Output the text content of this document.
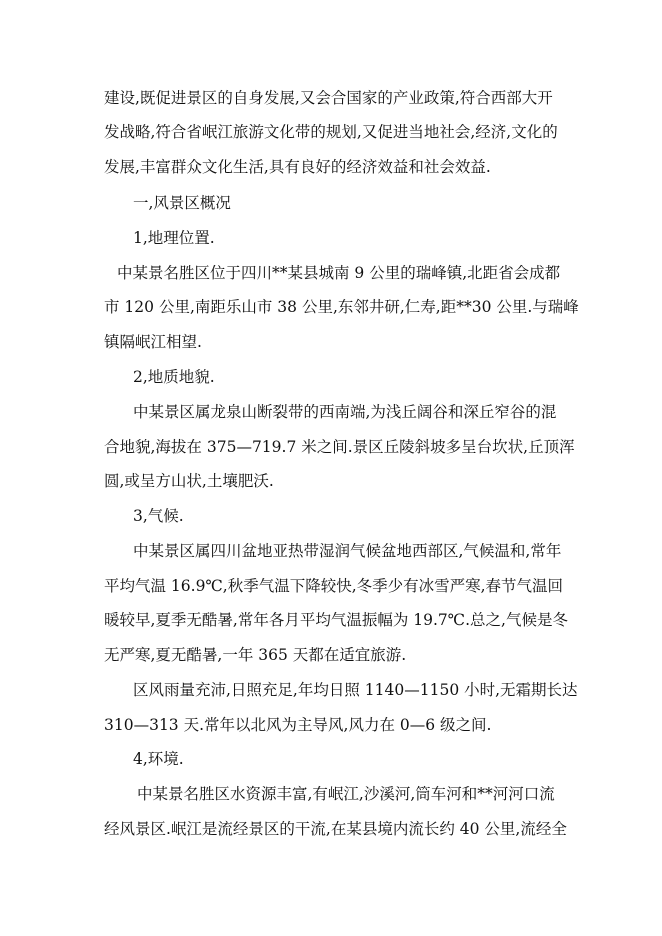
建设,既促进景区的自身发展,又会合国家的产业政策,符合西部大开

发战略,符合省岷江旅游文化带的规划,又促进当地社会,经济,文化的

发展,丰富群众文化生活,具有良好的经济效益和社会效益.

一,风景区概况

1,地理位置.

中某景名胜区位于四川**某县城南 9 公里的瑞峰镇,北距省会成都

市 120 公里,南距乐山市 38 公里,东邻井研,仁寿,距**30 公里.与瑞峰

镇隔岷江相望.

2,地质地貌.

中某景区属龙泉山断裂带的西南端,为浅丘阔谷和深丘窄谷的混

合地貌,海拔在 375—719.7 米之间.景区丘陵斜坡多呈台坎状,丘顶浑

圆,或呈方山状,土壤肥沃.

3,气候.

中某景区属四川盆地亚热带湿润气候盆地西部区,气候温和,常年

平均气温 16.9℃,秋季气温下降较快,冬季少有冰雪严寒,春节气温回

暖较早,夏季无酷暑,常年各月平均气温振幅为 19.7℃.总之,气候是冬

无严寒,夏无酷暑,一年 365 天都在适宜旅游.

区风雨量充沛,日照充足,年均日照 1140—1150 小时,无霜期长达

310—313 天.常年以北风为主导风,风力在 0—6 级之间.

4,环境.

中某景名胜区水资源丰富,有岷江,沙溪河,筒车河和**河河口流

经风景区.岷江是流经景区的干流,在某县境内流长约 40 公里,流经全
